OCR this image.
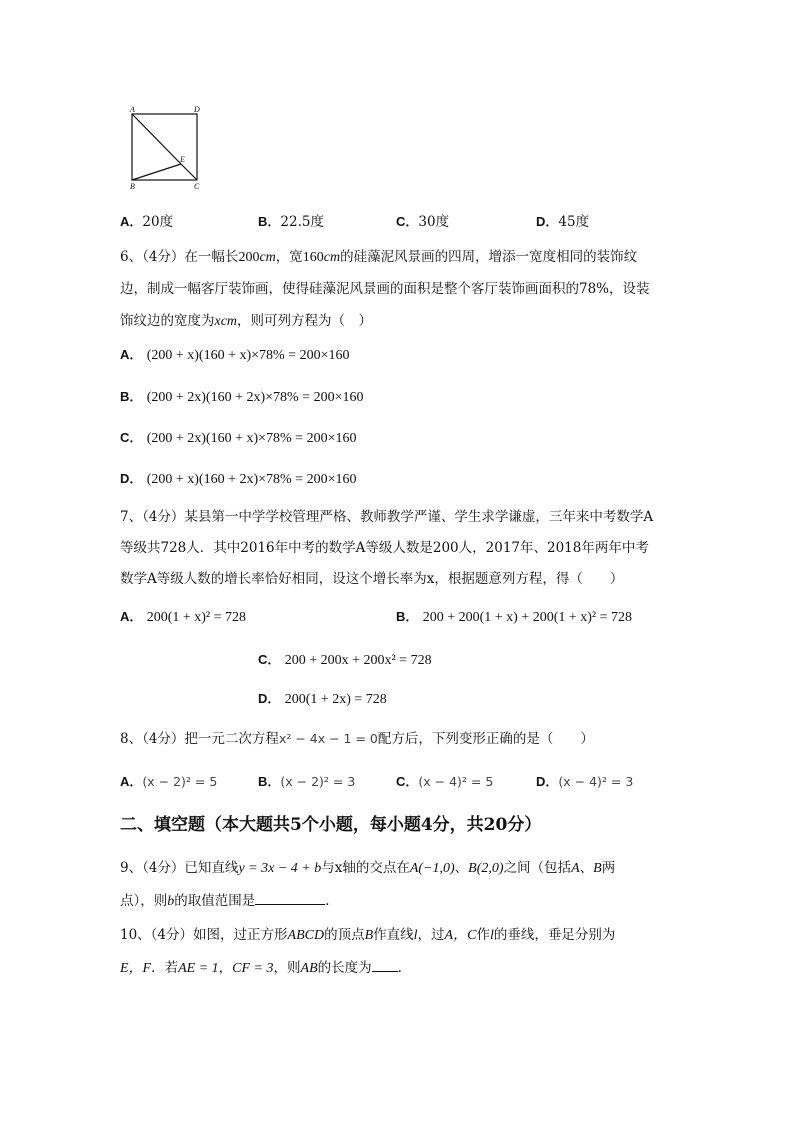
A	D
E
B	C
A．20度	B．22.5度	C．30度	D．45度
6、（4分）在一幅长200cm，宽160cm的硅藻泥风景画的四周，增添一宽度相同的装饰纹
边，制成一幅客厅装饰画，使得硅藻泥风景画的面积是整个客厅装饰画面积的78%，设装
饰纹边的宽度为xcm，则可列方程为（　）
A． (200 + x)(160 + x)×78% = 200×160
B． (200 + 2x)(160 + 2x)×78% = 200×160
C． (200 + 2x)(160 + x)×78% = 200×160
D． (200 + x)(160 + 2x)×78% = 200×160
7、（4分）某县第一中学学校管理严格、教师教学严谨、学生求学谦虚，三年来中考数学A
等级共728人．其中2016年中考的数学A等级人数是200人，2017年、2018年两年中考
数学A等级人数的增长率恰好相同，设这个增长率为x，根据题意列方程，得（　　）
A． 200(1 + x)² = 728	B． 200 + 200(1 + x) + 200(1 + x)² = 728
C． 200 + 200x + 200x² = 728
D． 200(1 + 2x) = 728
8、（4分）把一元二次方程x² − 4x − 1 = 0配方后，下列变形正确的是（　　）
A．(x − 2)² = 5	B．(x − 2)² = 3	C．(x − 4)² = 5	D．(x − 4)² = 3
二、填空题（本大题共5个小题，每小题4分，共20分）
9、（4分）已知直线y = 3x − 4 + b与x轴的交点在A(−1,0)、B(2,0)之间（包括A、B两
点），则b的取值范围是	.
10、（4分）如图，过正方形ABCD的顶点B作直线l，过A，C作l的垂线，垂足分别为
E，F．若AE = 1，CF = 3，则AB的长度为 .
